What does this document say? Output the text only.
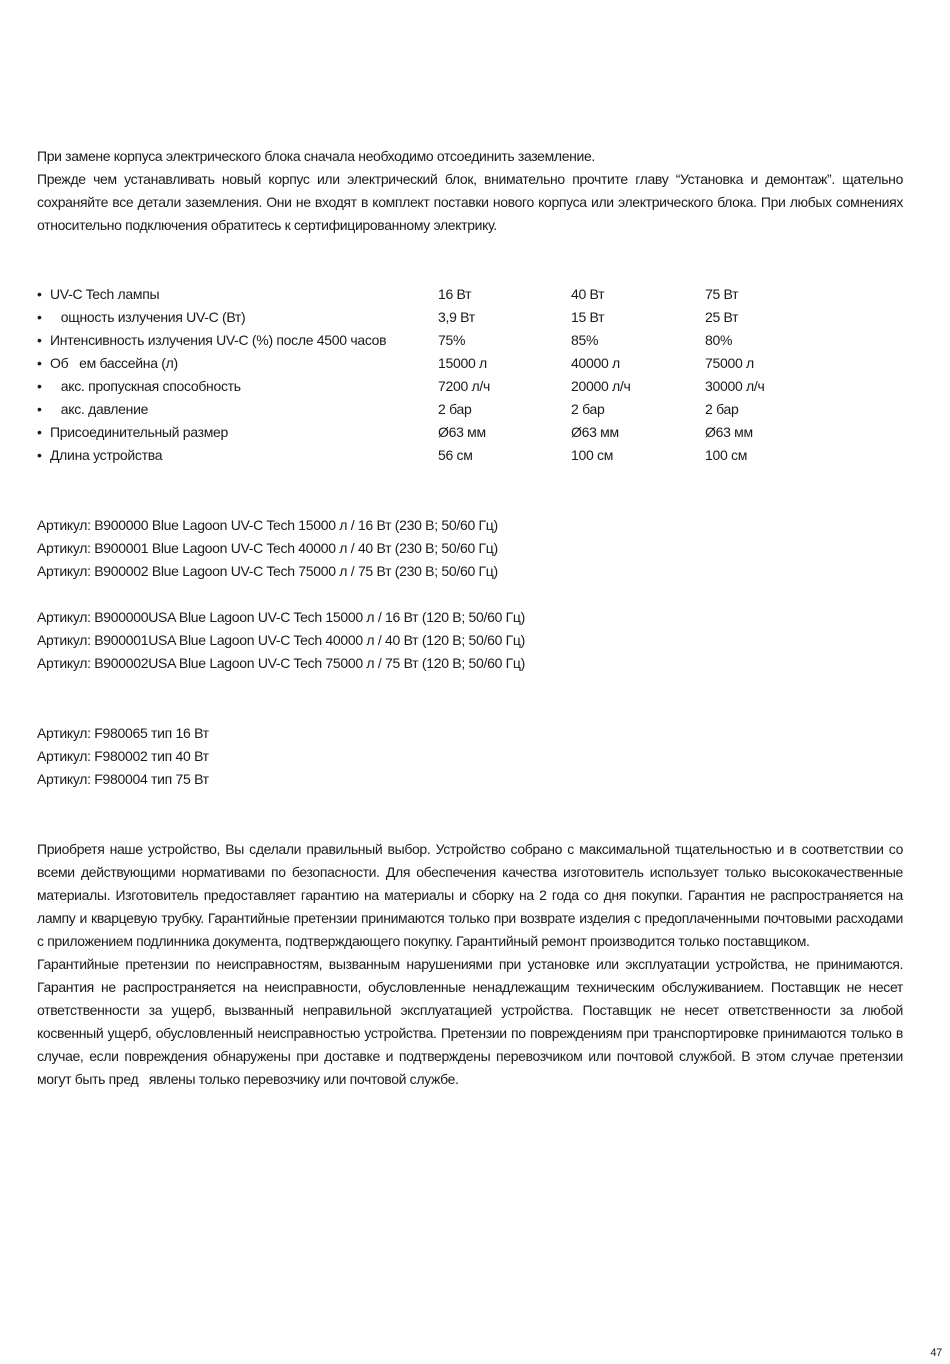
При замене корпуса электрического блока сначала необходимо отсоединить заземление.

Прежде чем устанавливать новый корпус или электрический блок, внимательно прочтите главу “Установка и демонтаж”. щательно сохраняйте все детали заземления. Они не входят в комплект поставки нового корпуса или электрического блока. При любых сомнениях относительно подключения обратитесь к сертифицированному электрику.

• UV-C Tech лампы	16 Вт	40 Вт	75 Вт
• ощность излучения UV-C (Вт)	3,9 Вт	15 Вт	25 Вт
• Интенсивность излучения UV-C (%) после 4500 часов	75%	85%	80%
• Об   ем бассейна (л)	15000 л	40000 л	75000 л
• акс. пропускная способность	7200 л/ч	20000 л/ч	30000 л/ч
• акс. давление	2 бар	2 бар	2 бар
• Присоединительный размер	Ø63 мм	Ø63 мм	Ø63 мм
• Длина устройства	56 см	100 см	100 см
Артикул: B900000 Blue Lagoon UV-C Tech 15000 л / 16 Вт (230 В; 50/60 Гц)
Артикул: B900001 Blue Lagoon UV-C Tech 40000 л / 40 Вт (230 В; 50/60 Гц)
Артикул: B900002 Blue Lagoon UV-C Tech 75000 л / 75 Вт (230 В; 50/60 Гц)
Артикул: B900000USA Blue Lagoon UV-C Tech 15000 л / 16 Вт (120 В; 50/60 Гц)
Артикул: B900001USA Blue Lagoon UV-C Tech 40000 л / 40 Вт (120 В; 50/60 Гц)
Артикул: B900002USA Blue Lagoon UV-C Tech 75000 л / 75 Вт (120 В; 50/60 Гц)
Артикул: F980065 тип 16 Вт
Артикул: F980002 тип 40 Вт
Артикул: F980004 тип 75 Вт

Приобретя наше устройство, Вы сделали правильный выбор. Устройство собрано с максимальной тщательностью и в соответствии со всеми действующими нормативами по безопасности. Для обеспечения качества изготовитель использует только высококачественные материалы. Изготовитель предоставляет гарантию на материалы и сборку на 2 года со дня покупки. Гарантия не распространяется на лампу и кварцевую трубку. Гарантийные претензии принимаются только при возврате изделия с предоплаченными почтовыми расходами с приложением подлинника документа, подтверждающего покупку. Гарантийный ремонт производится только поставщиком.

Гарантийные претензии по неисправностям, вызванным нарушениями при установке или эксплуатации устройства, не принимаются. Гарантия не распространяется на неисправности, обусловленные ненадлежащим техническим обслуживанием. Поставщик не несет ответственности за ущерб, вызванный неправильной эксплуатацией устройства. Поставщик не несет ответственности за любой косвенный ущерб, обусловленный неисправностью устройства. Претензии по повреждениям при транспортировке принимаются только в случае, если повреждения обнаружены при доставке и подтверждены перевозчиком или почтовой службой. В этом случае претензии могут быть пред   явлены только перевозчику или почтовой службе.

47
